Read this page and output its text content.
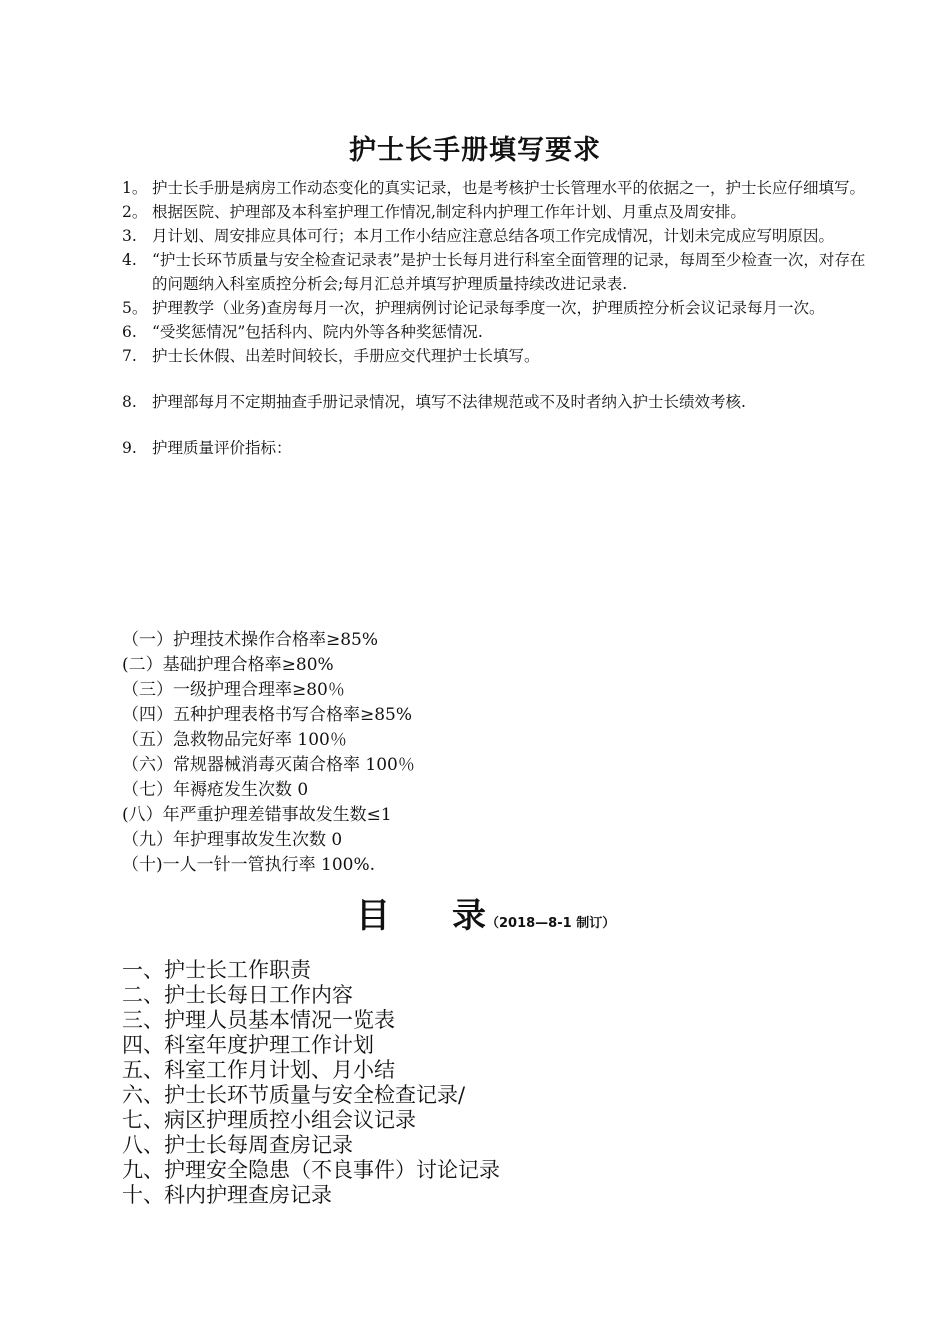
护士长手册填写要求

1。 护士长手册是病房工作动态变化的真实记录，也是考核护士长管理水平的依据之一，护士长应仔细填写。

2。 根据医院、护理部及本科室护理工作情况,制定科内护理工作年计划、月重点及周安排。

3. 月计划、周安排应具体可行；本月工作小结应注意总结各项工作完成情况，计划未完成应写明原因。

4. “护士长环节质量与安全检查记录表”是护士长每月进行科室全面管理的记录，每周至少检查一次，对存在的问题纳入科室质控分析会;每月汇总并填写护理质量持续改进记录表.

5。 护理教学（业务)查房每月一次，护理病例讨论记录每季度一次，护理质控分析会议记录每月一次。

6. “受奖惩情况”包括科内、院内外等各种奖惩情况.

7. 护士长休假、出差时间较长，手册应交代理护士长填写。

8. 护理部每月不定期抽查手册记录情况，填写不法律规范或不及时者纳入护士长绩效考核.

9. 护理质量评价指标：

（一）护理技术操作合格率≥85%
(二）基础护理合格率≥80%
（三）一级护理合理率≥80％
（四）五种护理表格书写合格率≥85%
（五）急救物品完好率 100％
（六）常规器械消毒灭菌合格率 100％
（七）年褥疮发生次数 0
(八）年严重护理差错事故发生数≤1
（九）年护理事故发生次数 0
（十)一人一针一管执行率 100%.
目 录（2018—8-1 制订）
一、护士长工作职责
二、护士长每日工作内容
三、护理人员基本情况一览表
四、科室年度护理工作计划
五、科室工作月计划、月小结
六、护士长环节质量与安全检查记录/
七、病区护理质控小组会议记录
八、护士长每周查房记录
九、护理安全隐患（不良事件）讨论记录
十、科内护理查房记录
